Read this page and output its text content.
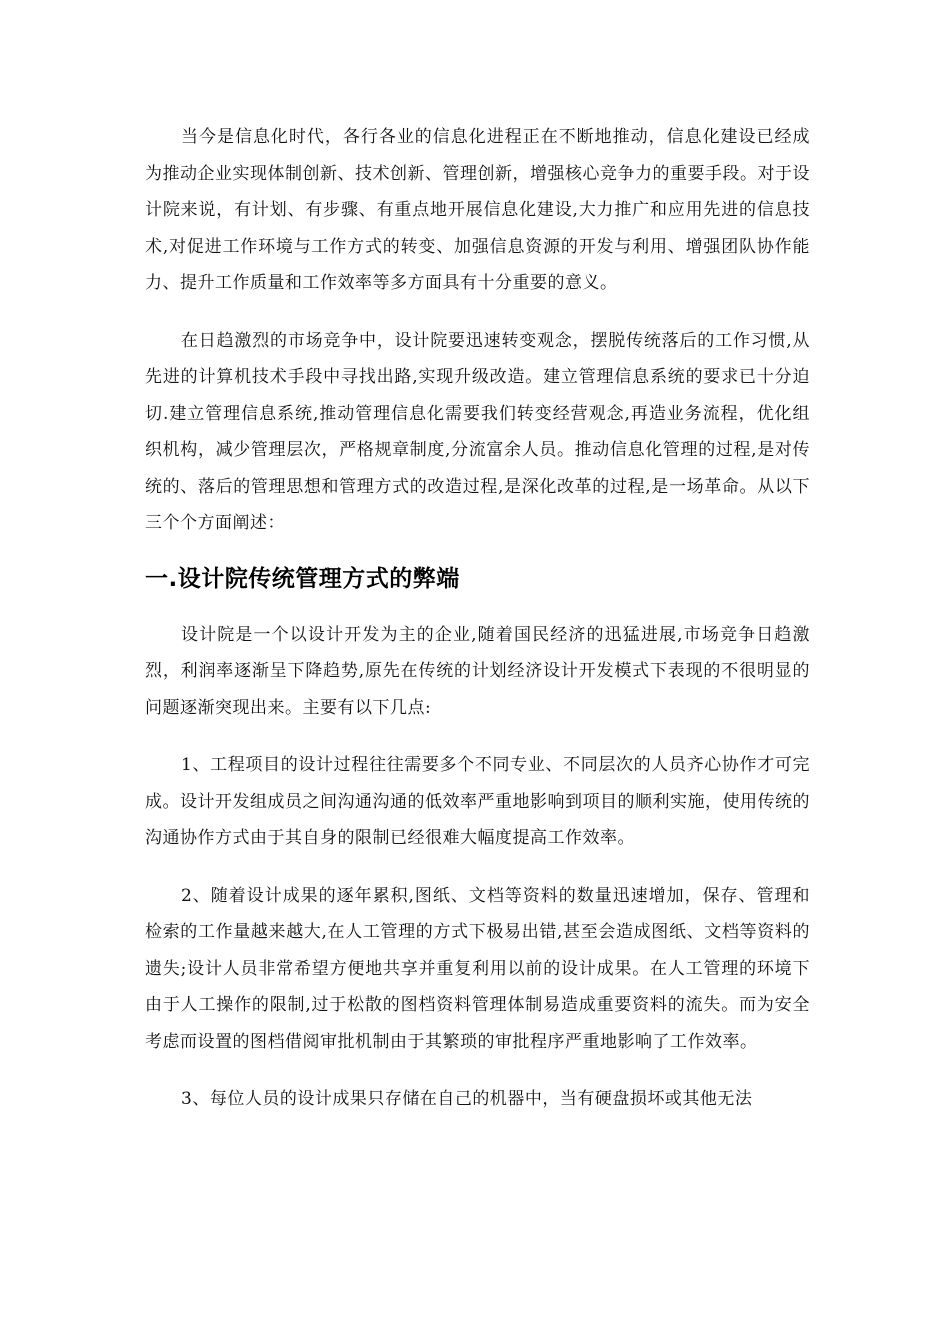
当今是信息化时代，各行各业的信息化进程正在不断地推动，信息化建设已经成为推动企业实现体制创新、技术创新、管理创新，增强核心竞争力的重要手段。对于设计院来说，有计划、有步骤、有重点地开展信息化建设,大力推广和应用先进的信息技术,对促进工作环境与工作方式的转变、加强信息资源的开发与利用、增强团队协作能力、提升工作质量和工作效率等多方面具有十分重要的意义。

在日趋激烈的市场竞争中，设计院要迅速转变观念，摆脱传统落后的工作习惯,从先进的计算机技术手段中寻找出路,实现升级改造。建立管理信息系统的要求已十分迫切.建立管理信息系统,推动管理信息化需要我们转变经营观念,再造业务流程，优化组织机构，减少管理层次，严格规章制度,分流富余人员。推动信息化管理的过程,是对传统的、落后的管理思想和管理方式的改造过程,是深化改革的过程,是一场革命。从以下三个个方面阐述：

一.设计院传统管理方式的弊端

设计院是一个以设计开发为主的企业,随着国民经济的迅猛进展,市场竞争日趋激烈，利润率逐渐呈下降趋势,原先在传统的计划经济设计开发模式下表现的不很明显的问题逐渐突现出来。主要有以下几点:

1、工程项目的设计过程往往需要多个不同专业、不同层次的人员齐心协作才可完成。设计开发组成员之间沟通沟通的低效率严重地影响到项目的顺利实施，使用传统的沟通协作方式由于其自身的限制已经很难大幅度提高工作效率。

2、随着设计成果的逐年累积,图纸、文档等资料的数量迅速增加，保存、管理和检索的工作量越来越大,在人工管理的方式下极易出错,甚至会造成图纸、文档等资料的遗失;设计人员非常希望方便地共享并重复利用以前的设计成果。在人工管理的环境下由于人工操作的限制,过于松散的图档资料管理体制易造成重要资料的流失。而为安全考虑而设置的图档借阅审批机制由于其繁琐的审批程序严重地影响了工作效率。

3、每位人员的设计成果只存储在自己的机器中，当有硬盘损坏或其他无法
